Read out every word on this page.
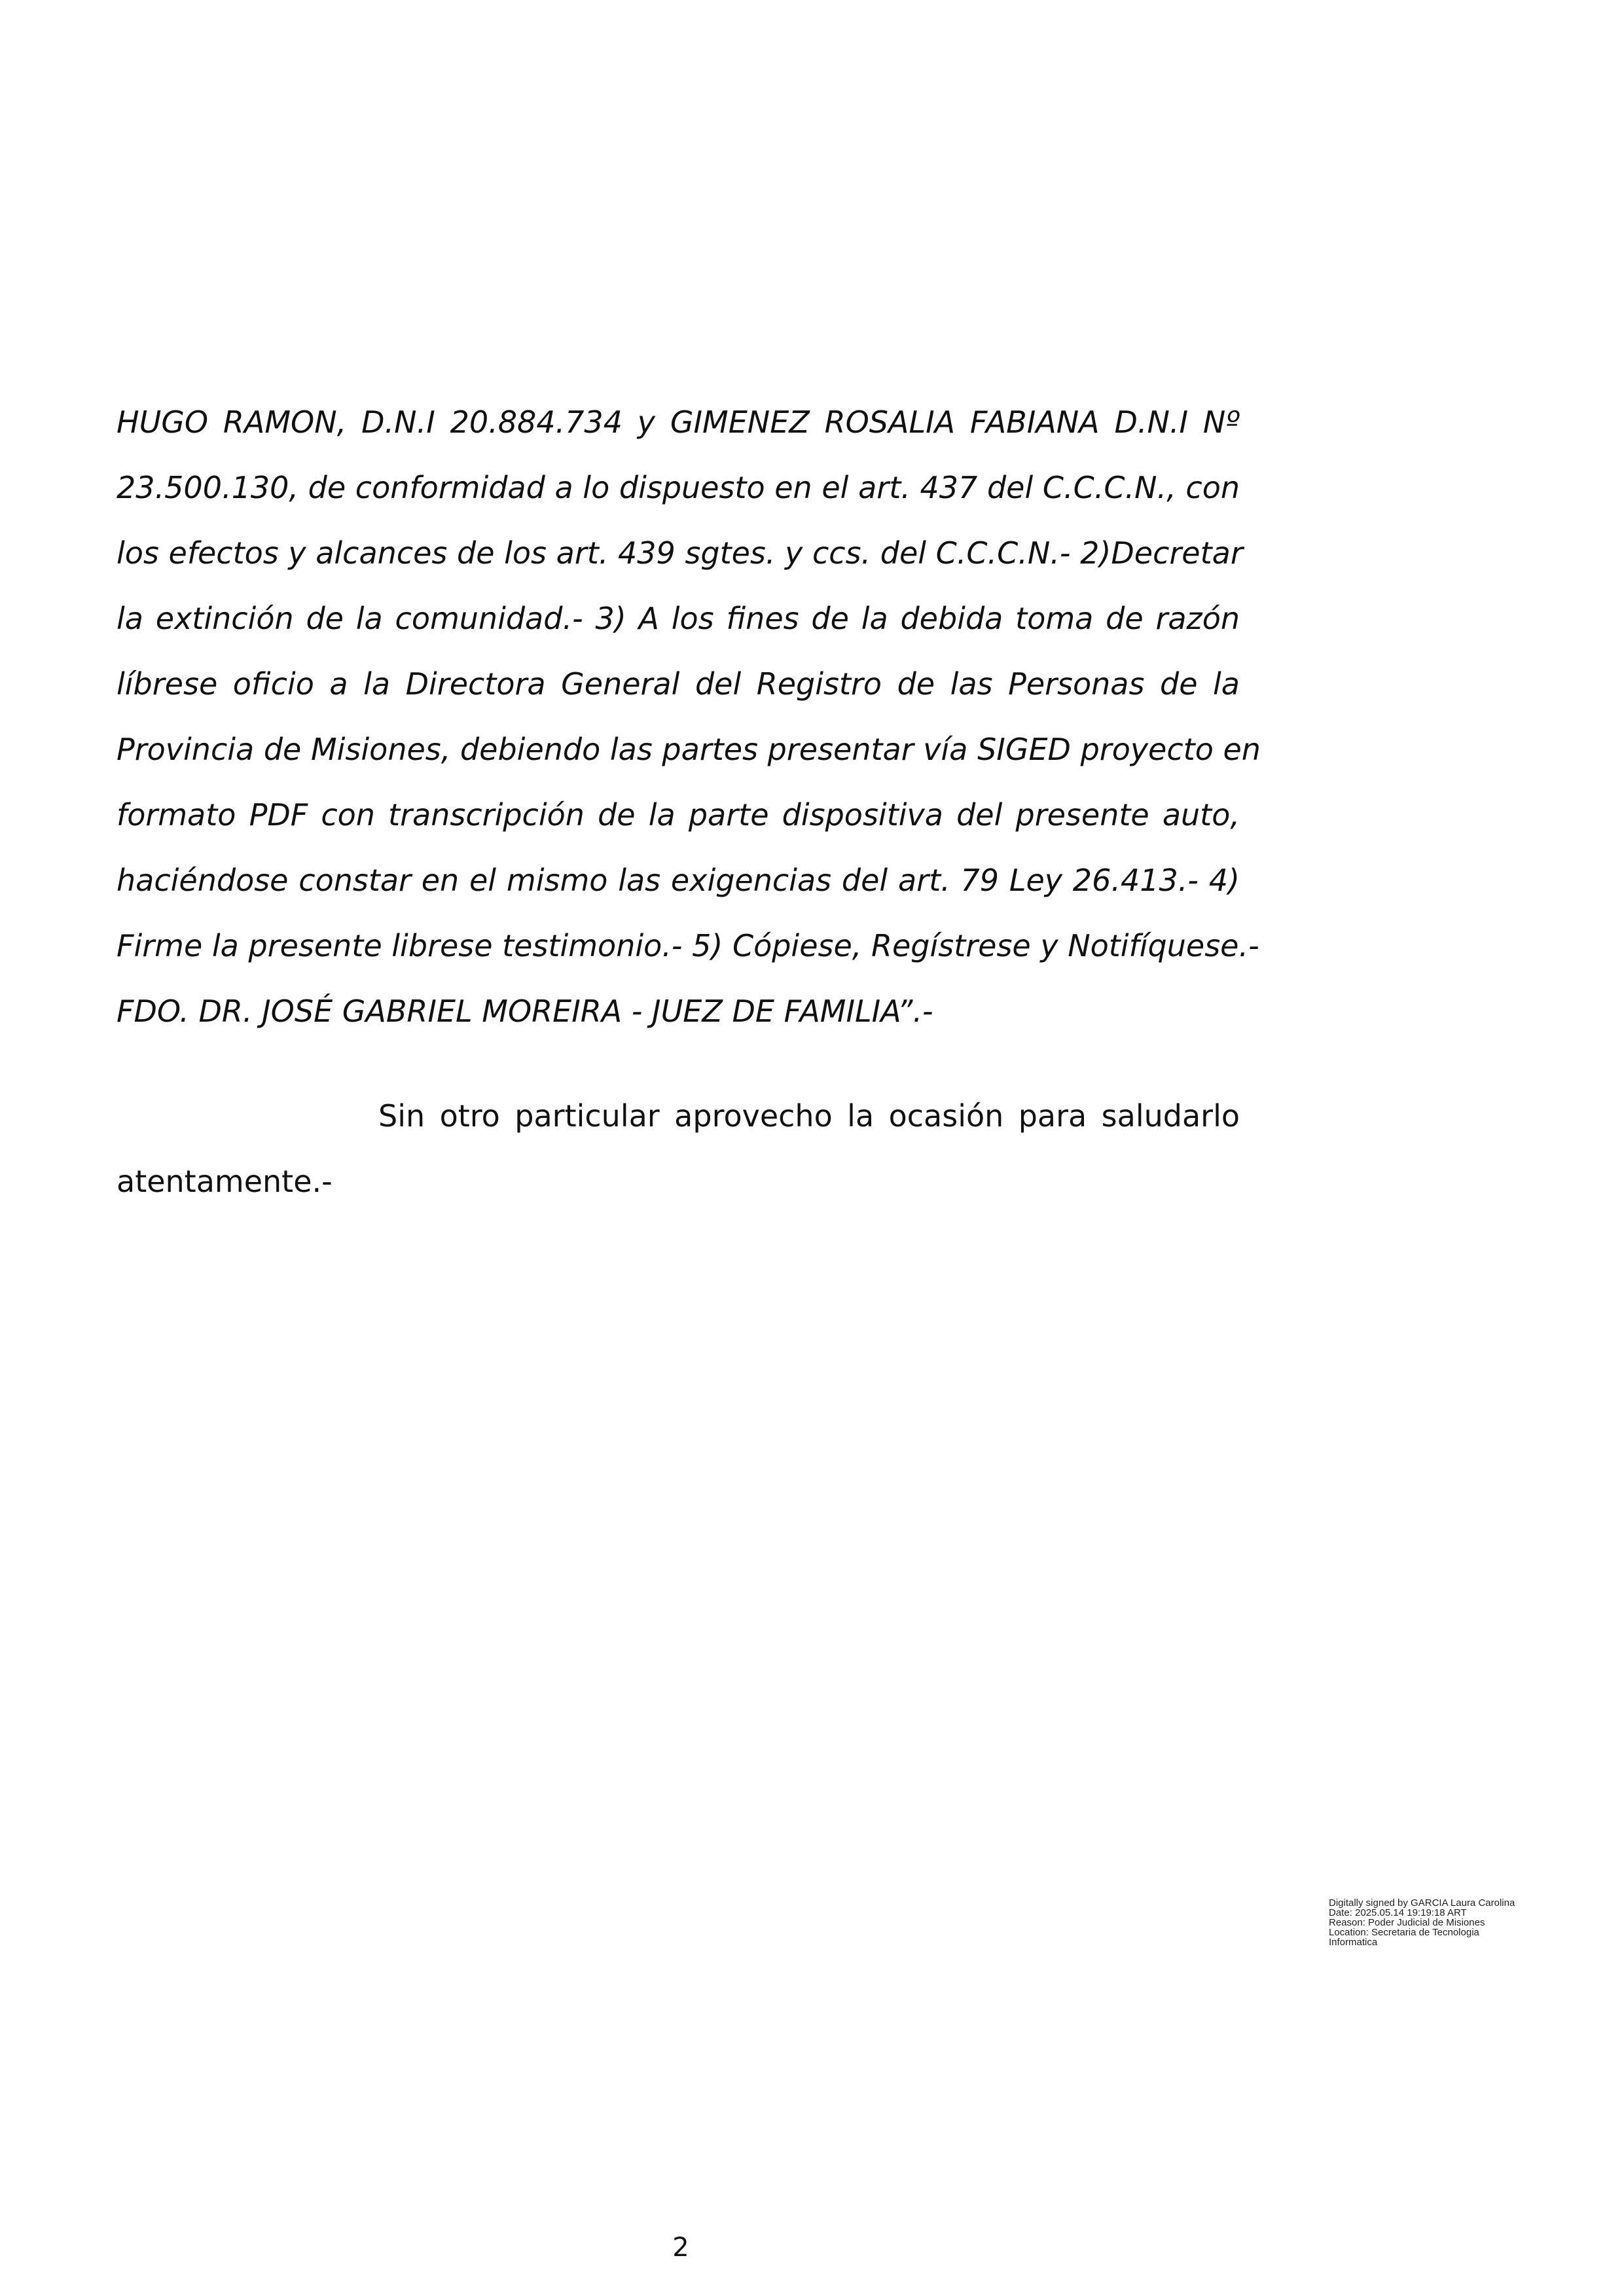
HUGO RAMON, D.N.I 20.884.734 y GIMENEZ ROSALIA FABIANA D.N.I Nº
23.500.130, de conformidad a lo dispuesto en el art. 437 del C.C.C.N., con
los efectos y alcances de los art. 439 sgtes. y ccs. del C.C.C.N.- 2)Decretar
la extinción de la comunidad.- 3) A los fines de la debida toma de razón
líbrese oficio a la Directora General del Registro de las Personas de la
Provincia de Misiones, debiendo las partes presentar vía SIGED proyecto en
formato PDF con transcripción de la parte dispositiva del presente auto,
haciéndose constar en el mismo las exigencias del art. 79 Ley 26.413.- 4)
Firme la presente librese testimonio.- 5) Cópiese, Regístrese y Notifíquese.-
FDO. DR. JOSÉ GABRIEL MOREIRA - JUEZ DE FAMILIA”.-
Sin otro particular aprovecho la ocasión para saludarlo
atentamente.-
Digitally signed by GARCIA Laura Carolina
Date: 2025.05.14 19:19:18 ART
Reason: Poder Judicial de Misiones
Location: Secretaria de Tecnologia
Informatica
2
